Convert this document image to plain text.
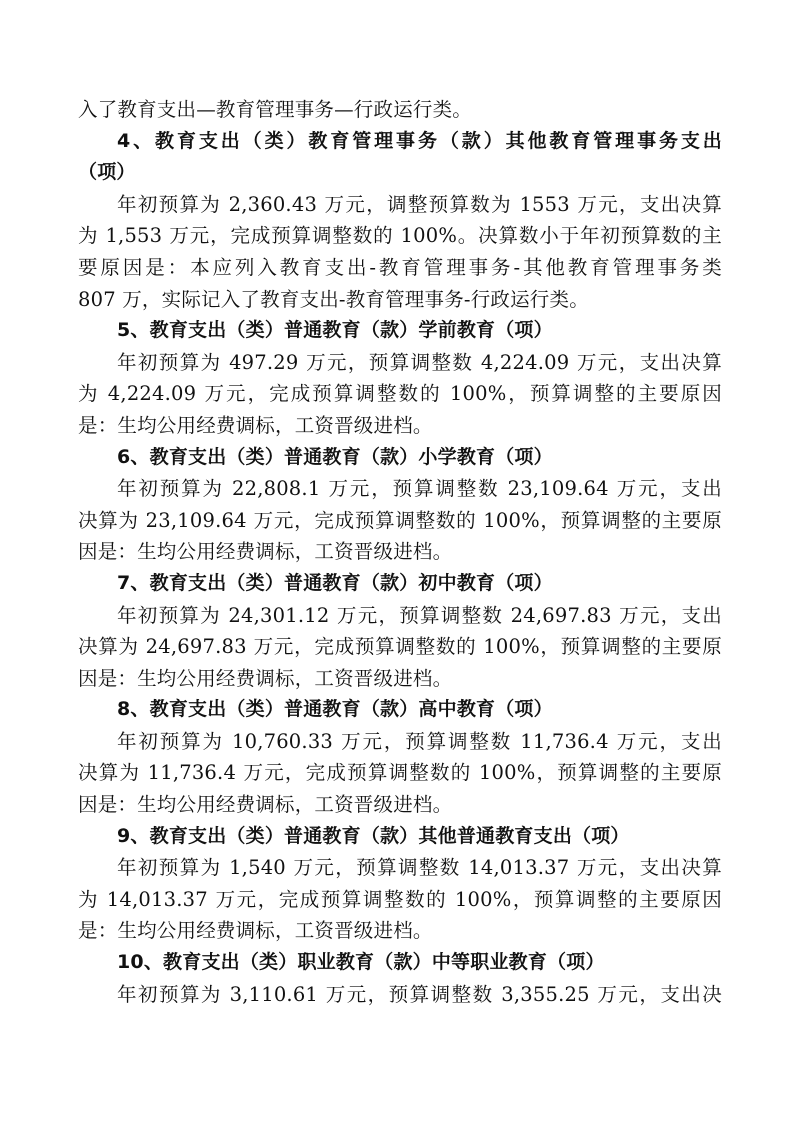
入了教育支出—教育管理事务—行政运行类。
4、教育支出（类）教育管理事务（款）其他教育管理事务支出
（项）
年初预算为 2,360.43 万元，调整预算数为 1553 万元，支出决算
为 1,553 万元，完成预算调整数的 100%。决算数小于年初预算数的主
要原因是：本应列入教育支出-教育管理事务-其他教育管理事务类
807 万，实际记入了教育支出-教育管理事务-行政运行类。
5、教育支出（类）普通教育（款）学前教育（项）
年初预算为 497.29 万元，预算调整数 4,224.09 万元，支出决算
为 4,224.09 万元，完成预算调整数的 100%，预算调整的主要原因
是：生均公用经费调标，工资晋级进档。
6、教育支出（类）普通教育（款）小学教育（项）
年初预算为 22,808.1 万元，预算调整数 23,109.64 万元，支出
决算为 23,109.64 万元，完成预算调整数的 100%，预算调整的主要原
因是：生均公用经费调标，工资晋级进档。
7、教育支出（类）普通教育（款）初中教育（项）
年初预算为 24,301.12 万元，预算调整数 24,697.83 万元，支出
决算为 24,697.83 万元，完成预算调整数的 100%，预算调整的主要原
因是：生均公用经费调标，工资晋级进档。
8、教育支出（类）普通教育（款）高中教育（项）
年初预算为 10,760.33 万元，预算调整数 11,736.4 万元，支出
决算为 11,736.4 万元，完成预算调整数的 100%，预算调整的主要原
因是：生均公用经费调标，工资晋级进档。
9、教育支出（类）普通教育（款）其他普通教育支出（项）
年初预算为 1,540 万元，预算调整数 14,013.37 万元，支出决算
为 14,013.37 万元，完成预算调整数的 100%，预算调整的主要原因
是：生均公用经费调标，工资晋级进档。
10、教育支出（类）职业教育（款）中等职业教育（项）
年初预算为 3,110.61 万元，预算调整数 3,355.25 万元，支出决
